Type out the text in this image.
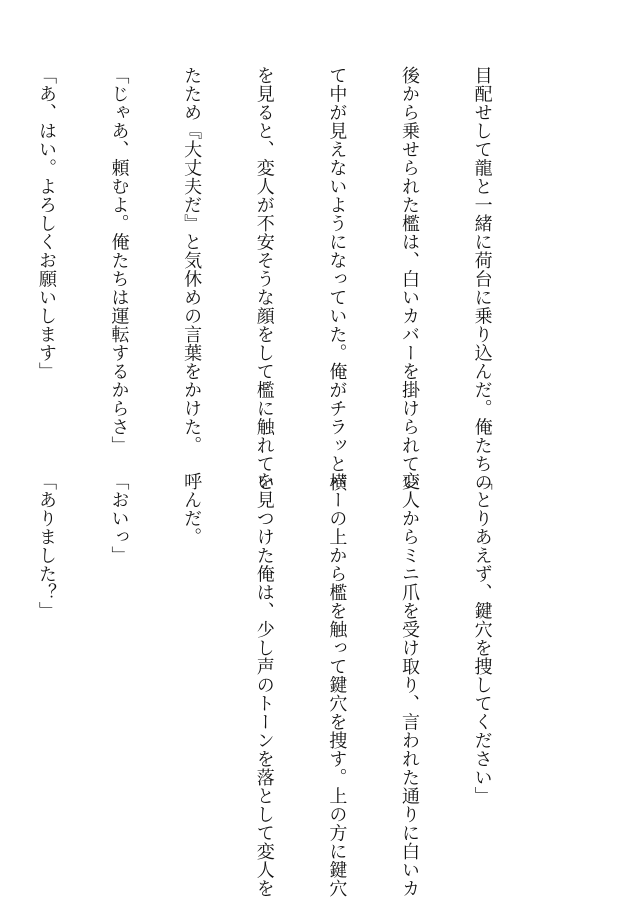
目配せして龍と一緒に荷台に乗り込んだ。俺たちの

後から乗せられた檻は、白いカバーを掛けられてい

て中が見えないようになっていた。俺がチラッと横

を見ると、変人が不安そうな顔をして檻に触れてい

たため『大丈夫だ』と気休めの言葉をかけた。

「じゃあ、頼むよ。俺たちは運転するからさ」

「あ、はい。よろしくお願いします」

「とりあえず、鍵穴を捜してください」

変人からミニ爪を受け取り、言われた通りに白いカ

バーの上から檻を触って鍵穴を捜す。上の方に鍵穴

を見つけた俺は、少し声のトーンを落として変人を

呼んだ。

「おいっ」

「ありました？」
